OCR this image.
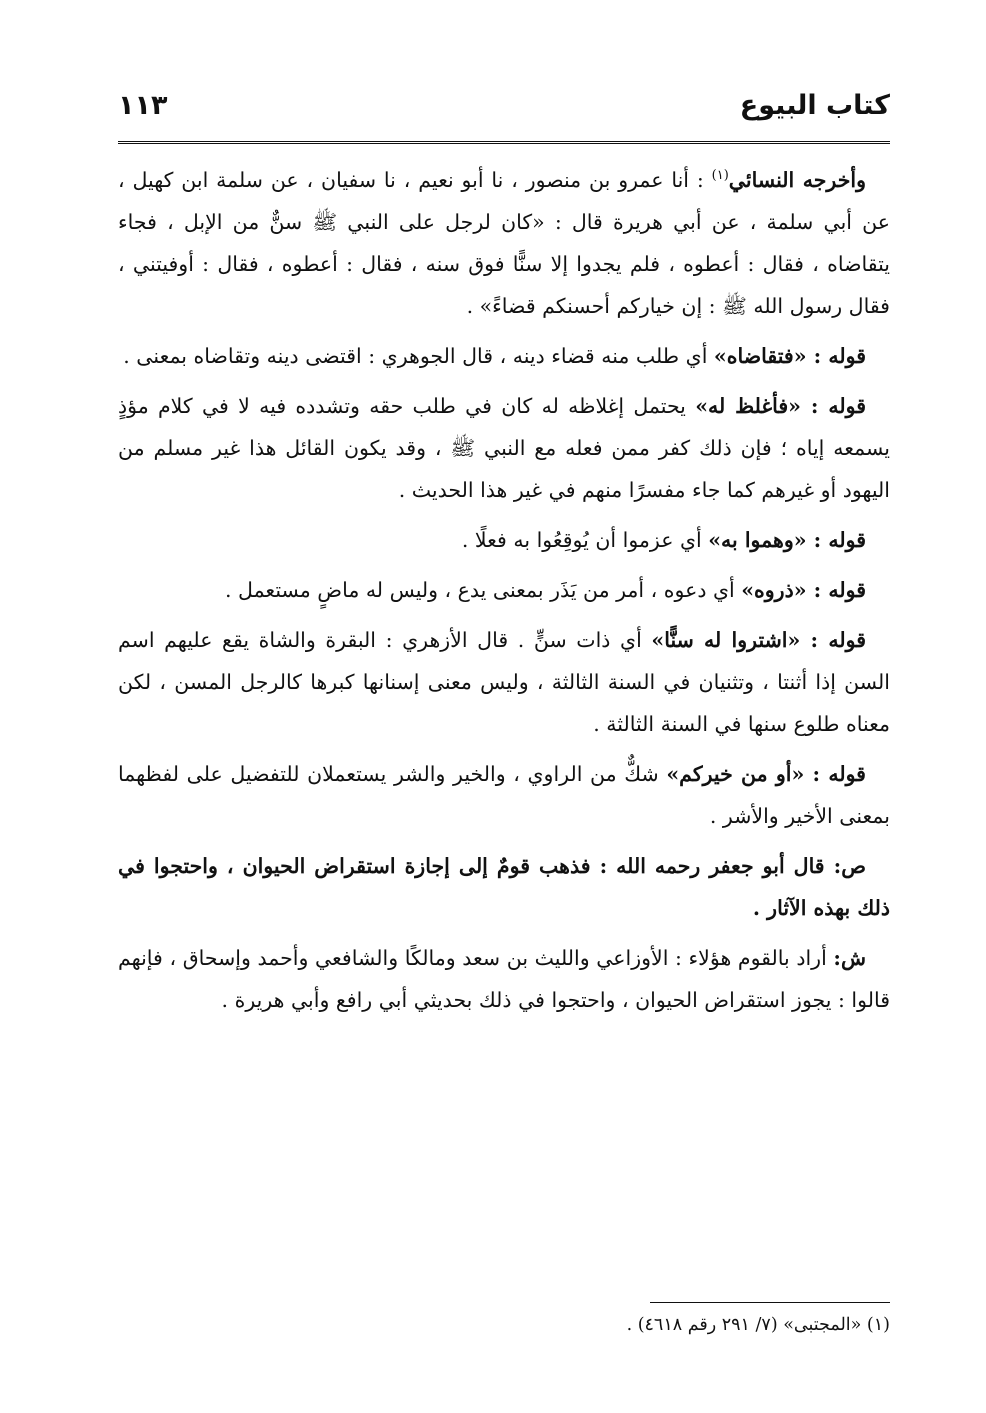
كتاب البيوع
١١٣

وأخرجه النسائي$^{(١)}$ : أنا عمرو بن منصور ، نا أبو نعيم ، نا سفيان ، عن سلمة ابن كهيل ، عن أبي سلمة ، عن أبي هريرة قال : «كان لرجل على النبي ﷺ سنٌّ من الإبل ، فجاء يتقاضاه ، فقال : أعطوه ، فلم يجدوا إلا سنًّا فوق سنه ، فقال : أعطوه ، فقال : أوفيتني ، فقال رسول الله ﷺ : إن خياركم أحسنكم قضاءً» .

قوله : «فتقاضاه» أي طلب منه قضاء دينه ، قال الجوهري : اقتضى دينه وتقاضاه بمعنى .

قوله : «فأغلظ له» يحتمل إغلاظه له كان في طلب حقه وتشدده فيه لا في كلام مؤذٍ يسمعه إياه ؛ فإن ذلك كفر ممن فعله مع النبي ﷺ ، وقد يكون القائل هذا غير مسلم من اليهود أو غيرهم كما جاء مفسرًا منهم في غير هذا الحديث .

قوله : «وهموا به» أي عزموا أن يُوقِعُوا به فعلًا .

قوله : «ذروه» أي دعوه ، أمر من يَذَر بمعنى يدع ، وليس له ماضٍ مستعمل .

قوله : «اشتروا له سنًّا» أي ذات سنٍّ . قال الأزهري : البقرة والشاة يقع عليهم اسم السن إذا أثنتا ، وتثنيان في السنة الثالثة ، وليس معنى إسنانها كبرها كالرجل المسن ، لكن معناه طلوع سنها في السنة الثالثة .

قوله : «أو من خيركم» شكٌّ من الراوي ، والخير والشر يستعملان للتفضيل على لفظهما بمعنى الأخير والأشر .

ص: قال أبو جعفر رحمه الله : فذهب قومٌ إلى إجازة استقراض الحيوان ، واحتجوا في ذلك بهذه الآثار .

ش: أراد بالقوم هؤلاء : الأوزاعي والليث بن سعد ومالكًا والشافعي وأحمد وإسحاق ، فإنهم قالوا : يجوز استقراض الحيوان ، واحتجوا في ذلك بحديثي أبي رافع وأبي هريرة .

(١) «المجتبى» (٧/ ٢٩١ رقم ٤٦١٨) .
